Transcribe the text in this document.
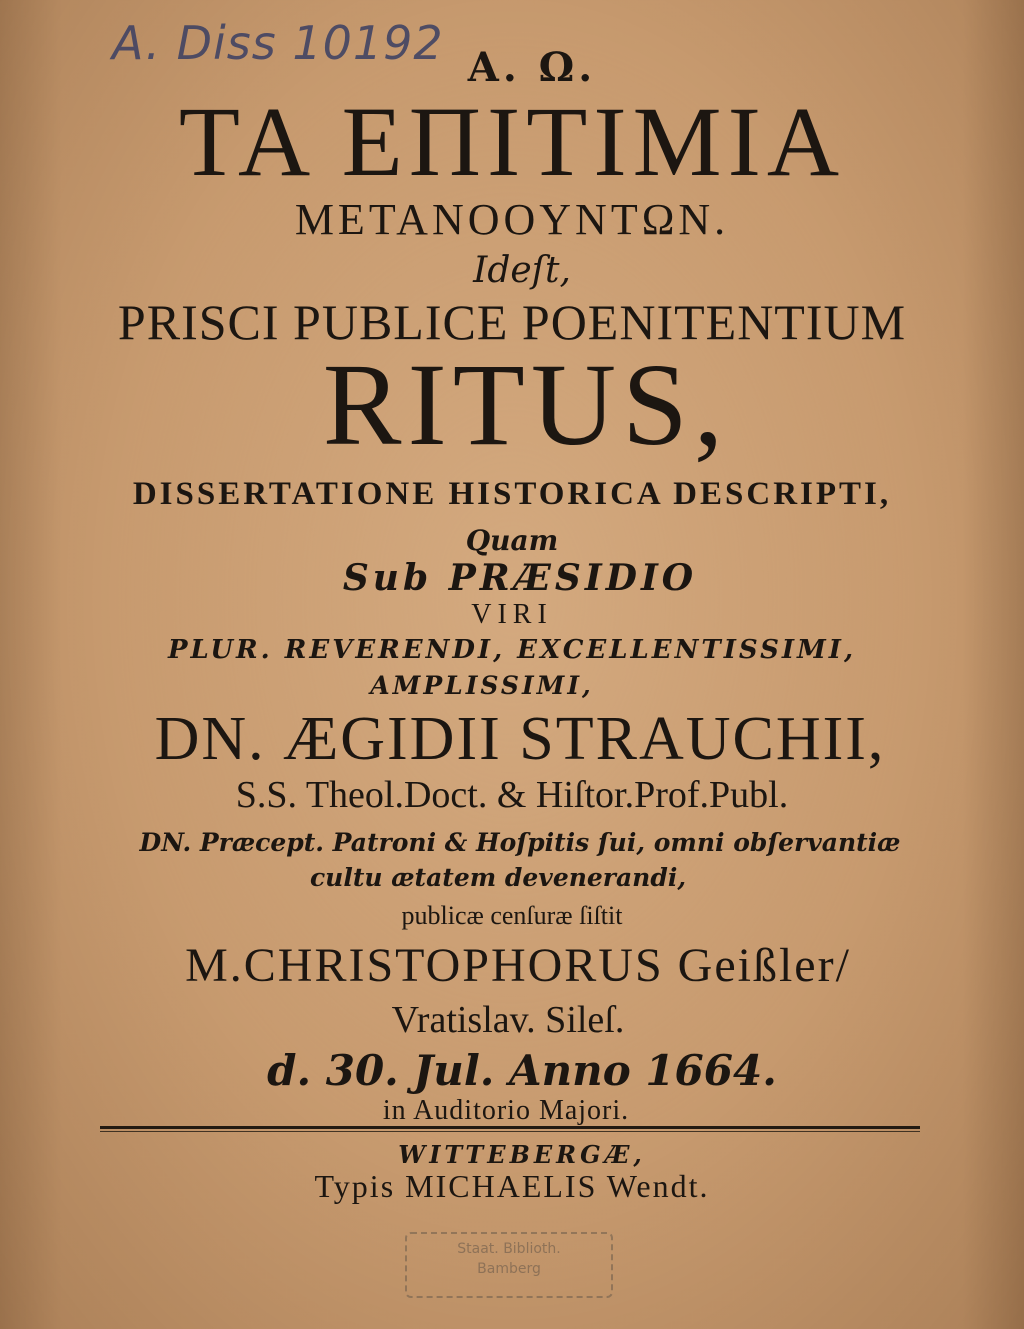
A. Diss 10192 A. Ω.
TA ЕПІТІМІA
METANOOYNTΩN.
Ideſt,
PRISCI PUBLICE POENITENTIUM
RITUS,
DISSERTATIONE HISTORICA DESCRIPTI,
Quam
Sub PRÆSIDIO
VIRI
PLUR. REVERENDI, EXCELLENTISSIMI,
AMPLISSIMI,
DN. ÆGIDII STRAUCHII,
S.S. Theol.Doct. & Hiſtor.Prof.Publ.
DN. Præcept. Patroni & Hoſpitis ſui, omni obſervantiæ
cultu ætatem devenerandi,
publicæ cenſuræ ſiſtit
M.CHRISTOPHORUS Geißler/
Vratislav. Sileſ.
d. 30. Jul. Anno 1664.
in Auditorio Majori.
WITTEBERGÆ,
Typis MICHAELIS Wendt.
Staat. Biblioth.
Bamberg
